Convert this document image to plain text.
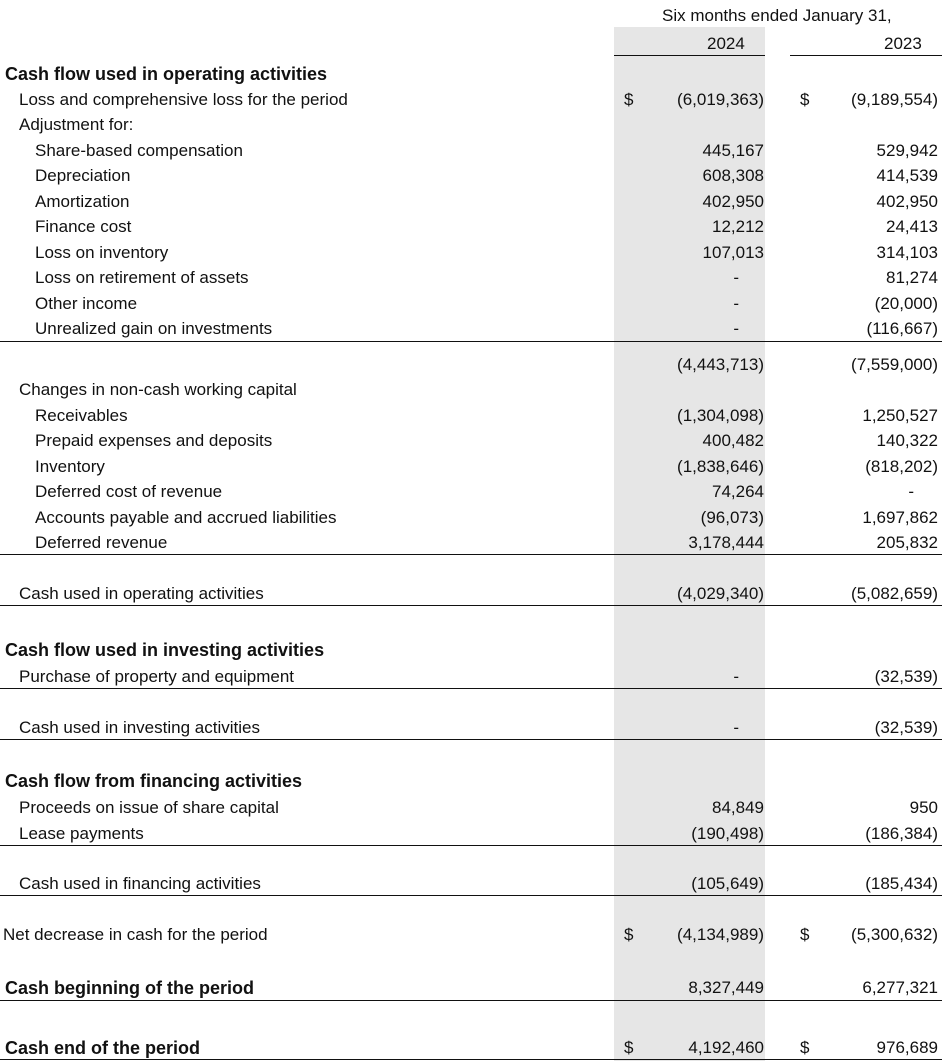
Six months ended January 31,
2024	2023
Cash flow used in operating activities
Loss and comprehensive loss for the period	$	(6,019,363) $ (9,189,554)
Adjustment for:
Share-based compensation	445,167	529,942
Depreciation	608,308	414,539
Amortization	402,950	402,950
Finance cost	12,212	24,413
Loss on inventory	107,013	314,103
Loss on retirement of assets	-	81,274
Other income	-	(20,000)
Unrealized gain on investments	-	(116,667)
(4,443,713)	(7,559,000)
Changes in non-cash working capital
Receivables	(1,304,098)	1,250,527
Prepaid expenses and deposits	400,482	140,322
Inventory	(1,838,646)	(818,202)
Deferred cost of revenue	74,264	-
Accounts payable and accrued liabilities	(96,073)	1,697,862
Deferred revenue	3,178,444	205,832
Cash used in operating activities	(4,029,340)	(5,082,659)
Cash flow used in investing activities
Purchase of property and equipment	-	(32,539)
Cash used in investing activities	-	(32,539)
Cash flow from financing activities
Proceeds on issue of share capital	84,849	950
Lease payments	(190,498)	(186,384)
Cash used in financing activities	(105,649)	(185,434)
Net decrease in cash for the period	$	(4,134,989) $ (5,300,632)
Cash beginning of the period	8,327,449	6,277,321
Cash end of the period	$	4,192,460 $	976,689
